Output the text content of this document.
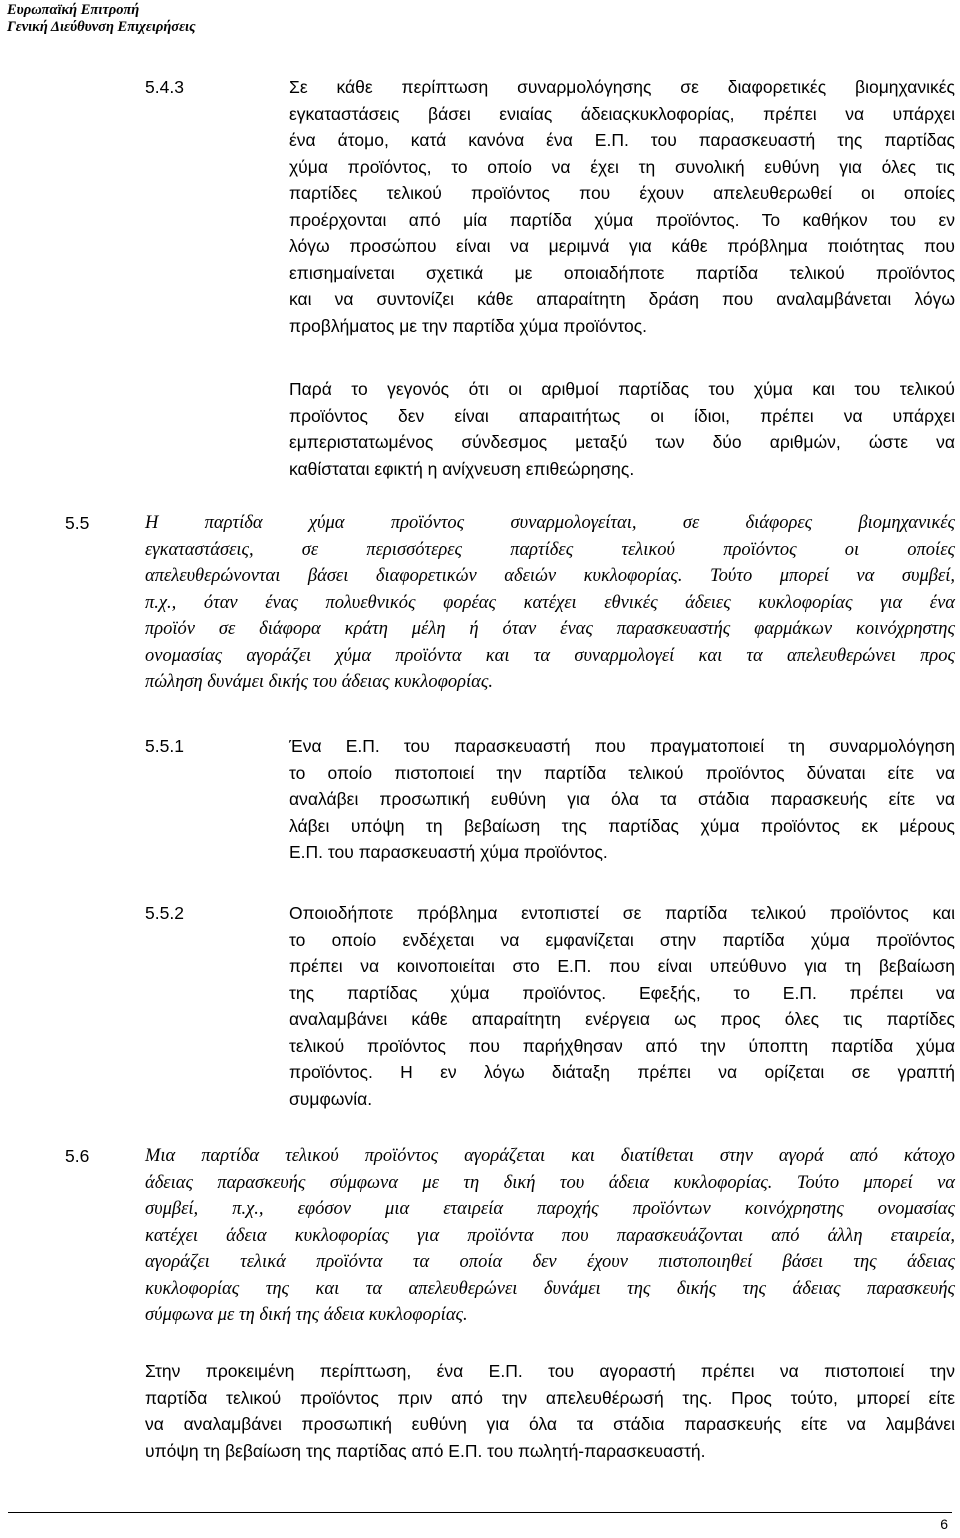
Ευρωπαϊκή Επιτροπή
Γενική Διεύθυνση Επιχειρήσεις
5.4.3	Σε κάθε περίπτωση συναρμολόγησης σε διαφορετικές βιομηχανικές
εγκαταστάσεις βάσει ενιαίας άδειαςκυκλοφορίας, πρέπει να υπάρχει
ένα άτομο, κατά κανόνα ένα Ε.Π. του παρασκευαστή της παρτίδας
χύμα προϊόντος, το οποίο να έχει τη συνολική ευθύνη για όλες τις
παρτίδες τελικού προϊόντος που έχουν απελευθερωθεί οι οποίες
προέρχονται από μία παρτίδα χύμα προϊόντος. Το καθήκον του εν
λόγω προσώπου είναι να μεριμνά για κάθε πρόβλημα ποιότητας που
επισημαίνεται σχετικά με οποιαδήποτε παρτίδα τελικού προϊόντος
και να συντονίζει κάθε απαραίτητη δράση που αναλαμβάνεται λόγω
προβλήματος με την παρτίδα χύμα προϊόντος.
Παρά το γεγονός ότι οι αριθμοί παρτίδας του χύμα και του τελικού
προϊόντος δεν είναι απαραιτήτως οι ίδιοι, πρέπει να υπάρχει
εμπεριστατωμένος σύνδεσμος μεταξύ των δύο αριθμών, ώστε να
καθίσταται εφικτή η ανίχνευση επιθεώρησης.
5.5	Η παρτίδα χύμα προϊόντος συναρμολογείται, σε διάφορες βιομηχανικές
εγκαταστάσεις, σε περισσότερες παρτίδες τελικού προϊόντος οι οποίες
απελευθερώνονται βάσει διαφορετικών αδειών κυκλοφορίας. Τούτο μπορεί να συμβεί,
π.χ., όταν ένας πολυεθνικός φορέας κατέχει εθνικές άδειες κυκλοφορίας για ένα
προϊόν σε διάφορα κράτη μέλη ή όταν ένας παρασκευαστής φαρμάκων κοινόχρηστης
ονομασίας αγοράζει χύμα προϊόντα και τα συναρμολογεί και τα απελευθερώνει προς
πώληση δυνάμει δικής του άδειας κυκλοφορίας.
5.5.1	Ένα Ε.Π. του παρασκευαστή που πραγματοποιεί τη συναρμολόγηση
το οποίο πιστοποιεί την παρτίδα τελικού προϊόντος δύναται είτε να
αναλάβει προσωπική ευθύνη για όλα τα στάδια παρασκευής είτε να
λάβει υπόψη τη βεβαίωση της παρτίδας χύμα προϊόντος εκ μέρους
Ε.Π. του παρασκευαστή χύμα προϊόντος.
5.5.2	Οποιοδήποτε πρόβλημα εντοπιστεί σε παρτίδα τελικού προϊόντος και
το οποίο ενδέχεται να εμφανίζεται στην παρτίδα χύμα προϊόντος
πρέπει να κοινοποιείται στο Ε.Π. που είναι υπεύθυνο για τη βεβαίωση
της παρτίδας χύμα προϊόντος. Εφεξής, το Ε.Π. πρέπει να
αναλαμβάνει κάθε απαραίτητη ενέργεια ως προς όλες τις παρτίδες
τελικού προϊόντος που παρήχθησαν από την ύποπτη παρτίδα χύμα
προϊόντος. Η εν λόγω διάταξη πρέπει να ορίζεται σε γραπτή
συμφωνία.
5.6	Μια παρτίδα τελικού προϊόντος αγοράζεται και διατίθεται στην αγορά από κάτοχο
άδειας παρασκευής σύμφωνα με τη δική του άδεια κυκλοφορίας. Τούτο μπορεί να
συμβεί, π.χ., εφόσον μια εταιρεία παροχής προϊόντων κοινόχρηστης ονομασίας
κατέχει άδεια κυκλοφορίας για προϊόντα που παρασκευάζονται από άλλη εταιρεία,
αγοράζει τελικά προϊόντα τα οποία δεν έχουν πιστοποιηθεί βάσει της άδειας
κυκλοφορίας της και τα απελευθερώνει δυνάμει της δικής της άδειας παρασκευής
σύμφωνα με τη δική της άδεια κυκλοφορίας.
Στην προκειμένη περίπτωση, ένα Ε.Π. του αγοραστή πρέπει να πιστοποιεί την
παρτίδα τελικού προϊόντος πριν από την απελευθέρωσή της. Προς τούτο, μπορεί είτε
να αναλαμβάνει προσωπική ευθύνη για όλα τα στάδια παρασκευής είτε να λαμβάνει
υπόψη τη βεβαίωση της παρτίδας από Ε.Π. του πωλητή-παρασκευαστή.
6
